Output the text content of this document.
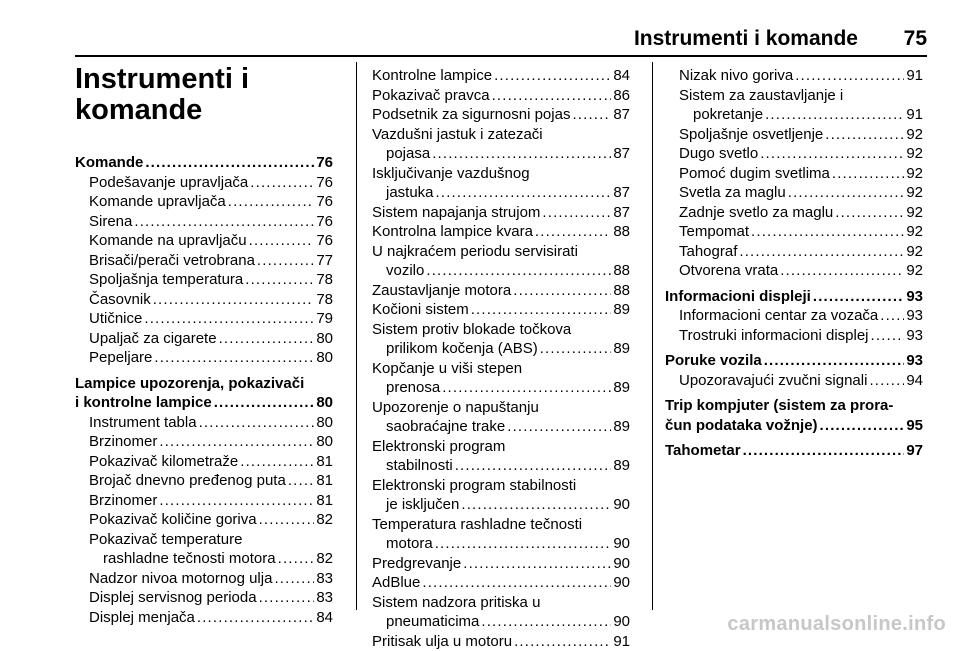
Instrumenti i komande 75
Instrumenti i
komande
Komande . . .	76
Podešavanje upravljača . . .	76
Komande upravljača . . .	76
Sirena . . .	76
Komande na upravljaču . . .	76
Brisači/perači vetrobrana . . .	77
Spoljašnja temperatura . . .	78
Časovnik . . .	78
Utičnice . . .	79
Upaljač za cigarete . . .	80
Pepeljare . . .	80
Lampice upozorenja, pokazivači
i kontrolne lampice . . .	80
Instrument tabla . . .	80
Brzinomer . . .	80
Pokazivač kilometraže . . .	81
Brojač dnevno pređenog puta . . . 81
Brzinomer . . .	81
Pokazivač količine goriva . . .	82
Pokazivač temperature
rashladne tečnosti motora . . .	82
Nadzor nivoa motornog ulja . . .	83
Displej servisnog perioda . . .	83
Displej menjača . . .	84
Kontrolne lampice . . .	84
Pokazivač pravca . . .	86
Podsetnik za sigurnosni pojas . . .	87
Vazdušni jastuk i zatezači
pojasa . . .	87
Isključivanje vazdušnog
jastuka . . .	87
Sistem napajanja strujom . . .	87
Kontrolna lampice kvara . . .	88
U najkraćem periodu servisirati
vozilo . . .	88
Zaustavljanje motora . . .	88
Kočioni sistem . . .	89
Sistem protiv blokade točkova
prilikom kočenja (ABS) . . .	89
Kopčanje u viši stepen
prenosa . . .	89
Upozorenje o napuštanju
saobraćajne trake . . .	89
Elektronski program
stabilnosti . . .	89
Elektronski program stabilnosti
je isključen . . .	90
Temperatura rashladne tečnosti
motora . . .	90
Predgrevanje . . .	90
AdBlue . . .	90
Sistem nadzora pritiska u
pneumaticima . . .	90
Pritisak ulja u motoru . . .	91
Nizak nivo goriva . . .	91
Sistem za zaustavljanje i
pokretanje . . .	91
Spoljašnje osvetljenje . . .	92
Dugo svetlo . . .	92
Pomoć dugim svetlima . . .	92
Svetla za maglu . . .	92
Zadnje svetlo za maglu . . .	92
Tempomat . . .	92
Tahograf . . .	92
Otvorena vrata . . .	92
Informacioni displeji . . .	93
Informacioni centar za vozača . . . 93
Trostruki informacioni displej . . .	93
Poruke vozila . . .	93
Upozoravajući zvučni signali . . .	94
Trip kompjuter (sistem za prora-
čun podataka vožnje) . . .	95
Tahometar . . .	97
carmanualsonline.info
